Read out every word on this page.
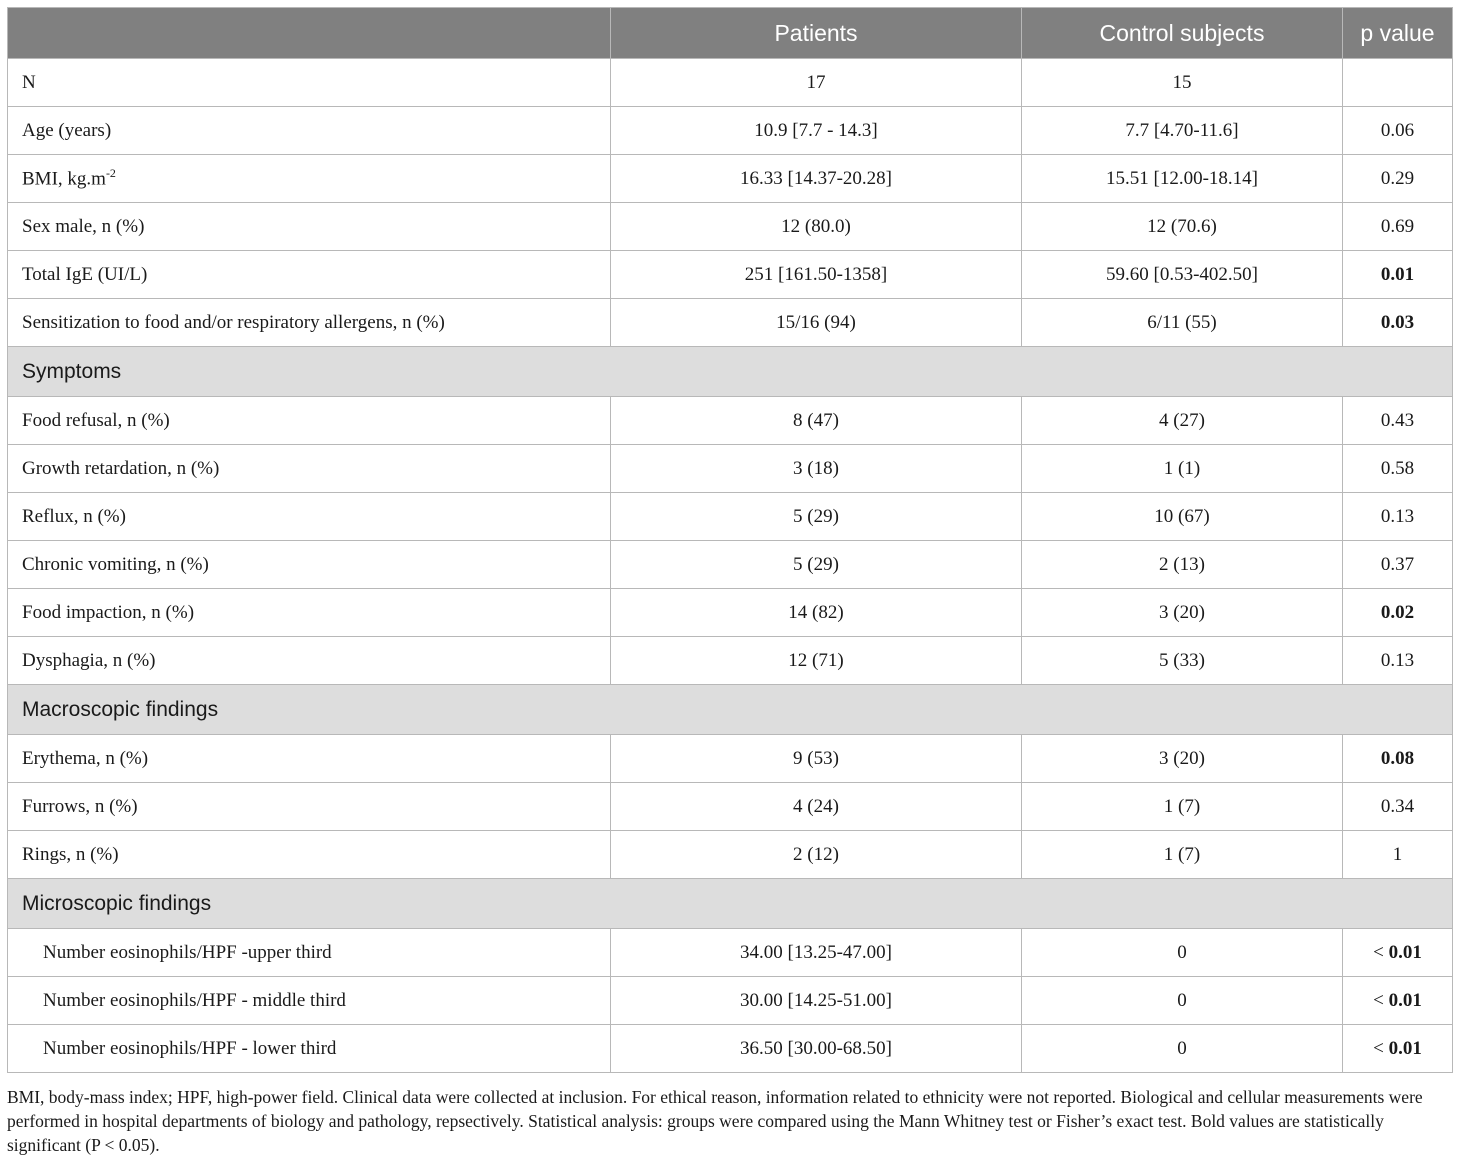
	Patients	Control subjects	p value
N	17	15	
Age (years)	10.9 [7.7 - 14.3]	7.7 [4.70-11.6]	0.06
BMI, $kg.m^{-2}$	16.33 [14.37-20.28]	15.51 [12.00-18.14]	0.29
Sex male, n (%)	12 (80.0)	12 (70.6)	0.69
Total IgE (UI/L)	251 [161.50-1358]	59.60 [0.53-402.50]	0.01
Sensitization to food and/or respiratory allergens, n (%)	15/16 (94)	6/11 (55)	0.03
Symptoms			
Food refusal, n (%)	8 (47)	4 (27)	0.43
Growth retardation, n (%)	3 (18)	1 (1)	0.58
Reflux, n (%)	5 (29)	10 (67)	0.13
Chronic vomiting, n (%)	5 (29)	2 (13)	0.37
Food impaction, n (%)	14 (82)	3 (20)	0.02
Dysphagia, n (%)	12 (71)	5 (33)	0.13
Macroscopic findings			
Erythema, n (%)	9 (53)	3 (20)	0.08
Furrows, n (%)	4 (24)	1 (7)	0.34
Rings, n (%)	2 (12)	1 (7)	1
Microscopic findings			
Number eosinophils/HPF -upper third	34.00 [13.25-47.00]	0	< 0.01
Number eosinophils/HPF - middle third	30.00 [14.25-51.00]	0	< 0.01
Number eosinophils/HPF - lower third	36.50 [30.00-68.50]	0	< 0.01
BMI, body-mass index; HPF, high-power field. Clinical data were collected at inclusion. For ethical reason, information related to ethnicity were not reported. Biological and cellular measurements were performed in hospital departments of biology and pathology, repsectively. Statistical analysis: groups were compared using the Mann Whitney test or Fisher’s exact test. Bold values are statistically significant (P < 0.05).
